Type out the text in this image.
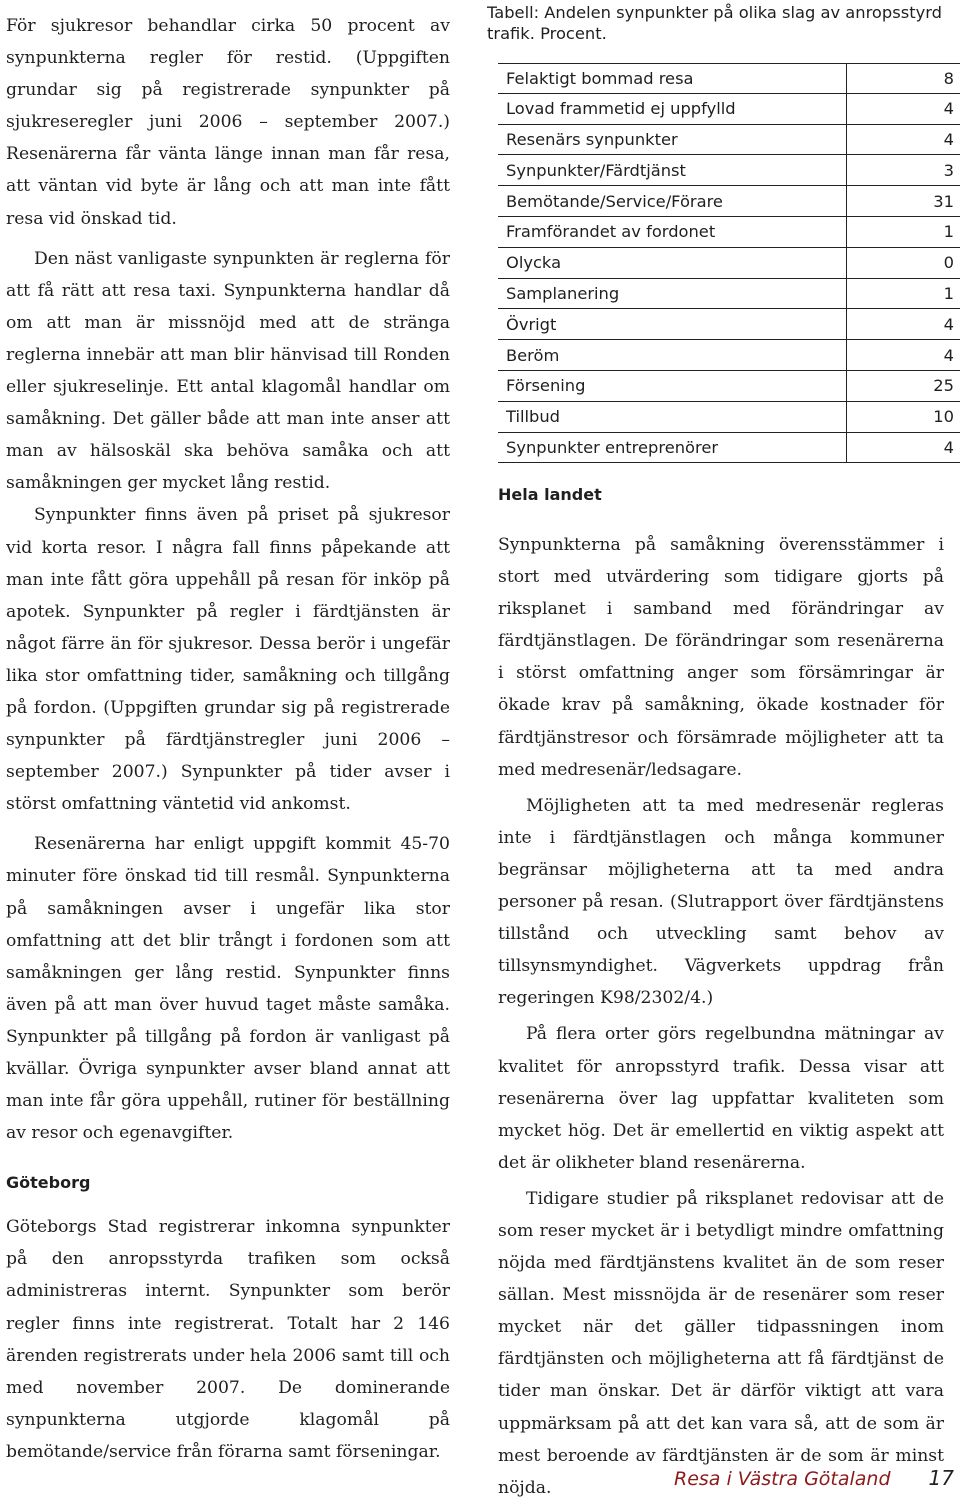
För sjukresor behandlar cirka 50 procent av synpunkterna regler för restid. (Uppgiften grundar sig på registrerade synpunkter på sjukreseregler juni 2006 – september 2007.) Resenärerna får vänta länge innan man får resa, att väntan vid byte är lång och att man inte fått resa vid önskad tid.

Den näst vanligaste synpunkten är reglerna för att få rätt att resa taxi. Synpunkterna handlar då om att man är missnöjd med att de stränga reglerna innebär att man blir hänvisad till Ronden eller sjukreselinje. Ett antal klagomål handlar om samåkning. Det gäller både att man inte anser att man av hälsoskäl ska behöva samåka och att samåkningen ger mycket lång restid.

Synpunkter finns även på priset på sjukresor vid korta resor. I några fall finns påpekande att man inte fått göra uppehåll på resan för inköp på apotek. Synpunkter på regler i färdtjänsten är något färre än för sjukresor. Dessa berör i ungefär lika stor omfattning tider, samåkning och tillgång på fordon. (Uppgiften grundar sig på registrerade synpunkter på färdtjänstregler juni 2006 – september 2007.) Synpunkter på tider avser i störst omfattning väntetid vid ankomst.

Resenärerna har enligt uppgift kommit 45-70 minuter före önskad tid till resmål. Synpunkterna på samåkningen avser i ungefär lika stor omfattning att det blir trångt i fordonen som att samåkningen ger lång restid. Synpunkter finns även på att man över huvud taget måste samåka. Synpunkter på tillgång på fordon är vanligast på kvällar. Övriga synpunkter avser bland annat att man inte får göra uppehåll, rutiner för beställning av resor och egenavgifter.

Göteborg

Göteborgs Stad registrerar inkomna synpunkter på den anropsstyrda trafiken som också administreras internt. Synpunkter som berör regler finns inte registrerat. Totalt har 2 146 ärenden registrerats under hela 2006 samt till och med november 2007. De dominerande synpunkterna utgjorde klagomål på bemötande/service från förarna samt förseningar.

Tabell: Andelen synpunkter på olika slag av anropsstyrd trafik. Procent.
Felaktigt bommad resa	8
Lovad frammetid ej uppfylld	4
Resenärs synpunkter	4
Synpunkter/Färdtjänst	3
Bemötande/Service/Förare	31
Framförandet av fordonet	1
Olycka	0
Samplanering	1
Övrigt	4
Beröm	4
Försening	25
Tillbud	10
Synpunkter entreprenörer	4
Hela landet

Synpunkterna på samåkning överensstämmer i stort med utvärdering som tidigare gjorts på riksplanet i samband med förändringar av färdtjänstlagen. De förändringar som resenärerna i störst omfattning anger som försämringar är ökade krav på samåkning, ökade kostnader för färdtjänstresor och försämrade möjligheter att ta med medresenär/ledsagare.

Möjligheten att ta med medresenär regleras inte i färdtjänstlagen och många kommuner begränsar möjligheterna att ta med andra personer på resan. (Slutrapport över färdtjänstens tillstånd och utveckling samt behov av tillsynsmyndighet. Vägverkets uppdrag från regeringen K98/2302/4.)

På flera orter görs regelbundna mätningar av kvalitet för anropsstyrd trafik. Dessa visar att resenärerna över lag uppfattar kvaliteten som mycket hög. Det är emellertid en viktig aspekt att det är olikheter bland resenärerna.

Tidigare studier på riksplanet redovisar att de som reser mycket är i betydligt mindre omfattning nöjda med färdtjänstens kvalitet än de som reser sällan. Mest missnöjda är de resenärer som reser mycket när det gäller tidpassningen inom färdtjänsten och möjligheterna att få färdtjänst de tider man önskar. Det är därför viktigt att vara uppmärksam på att det kan vara så, att de som är mest beroende av färdtjänsten är de som är minst nöjda.	Resa i Västra Götaland 17
